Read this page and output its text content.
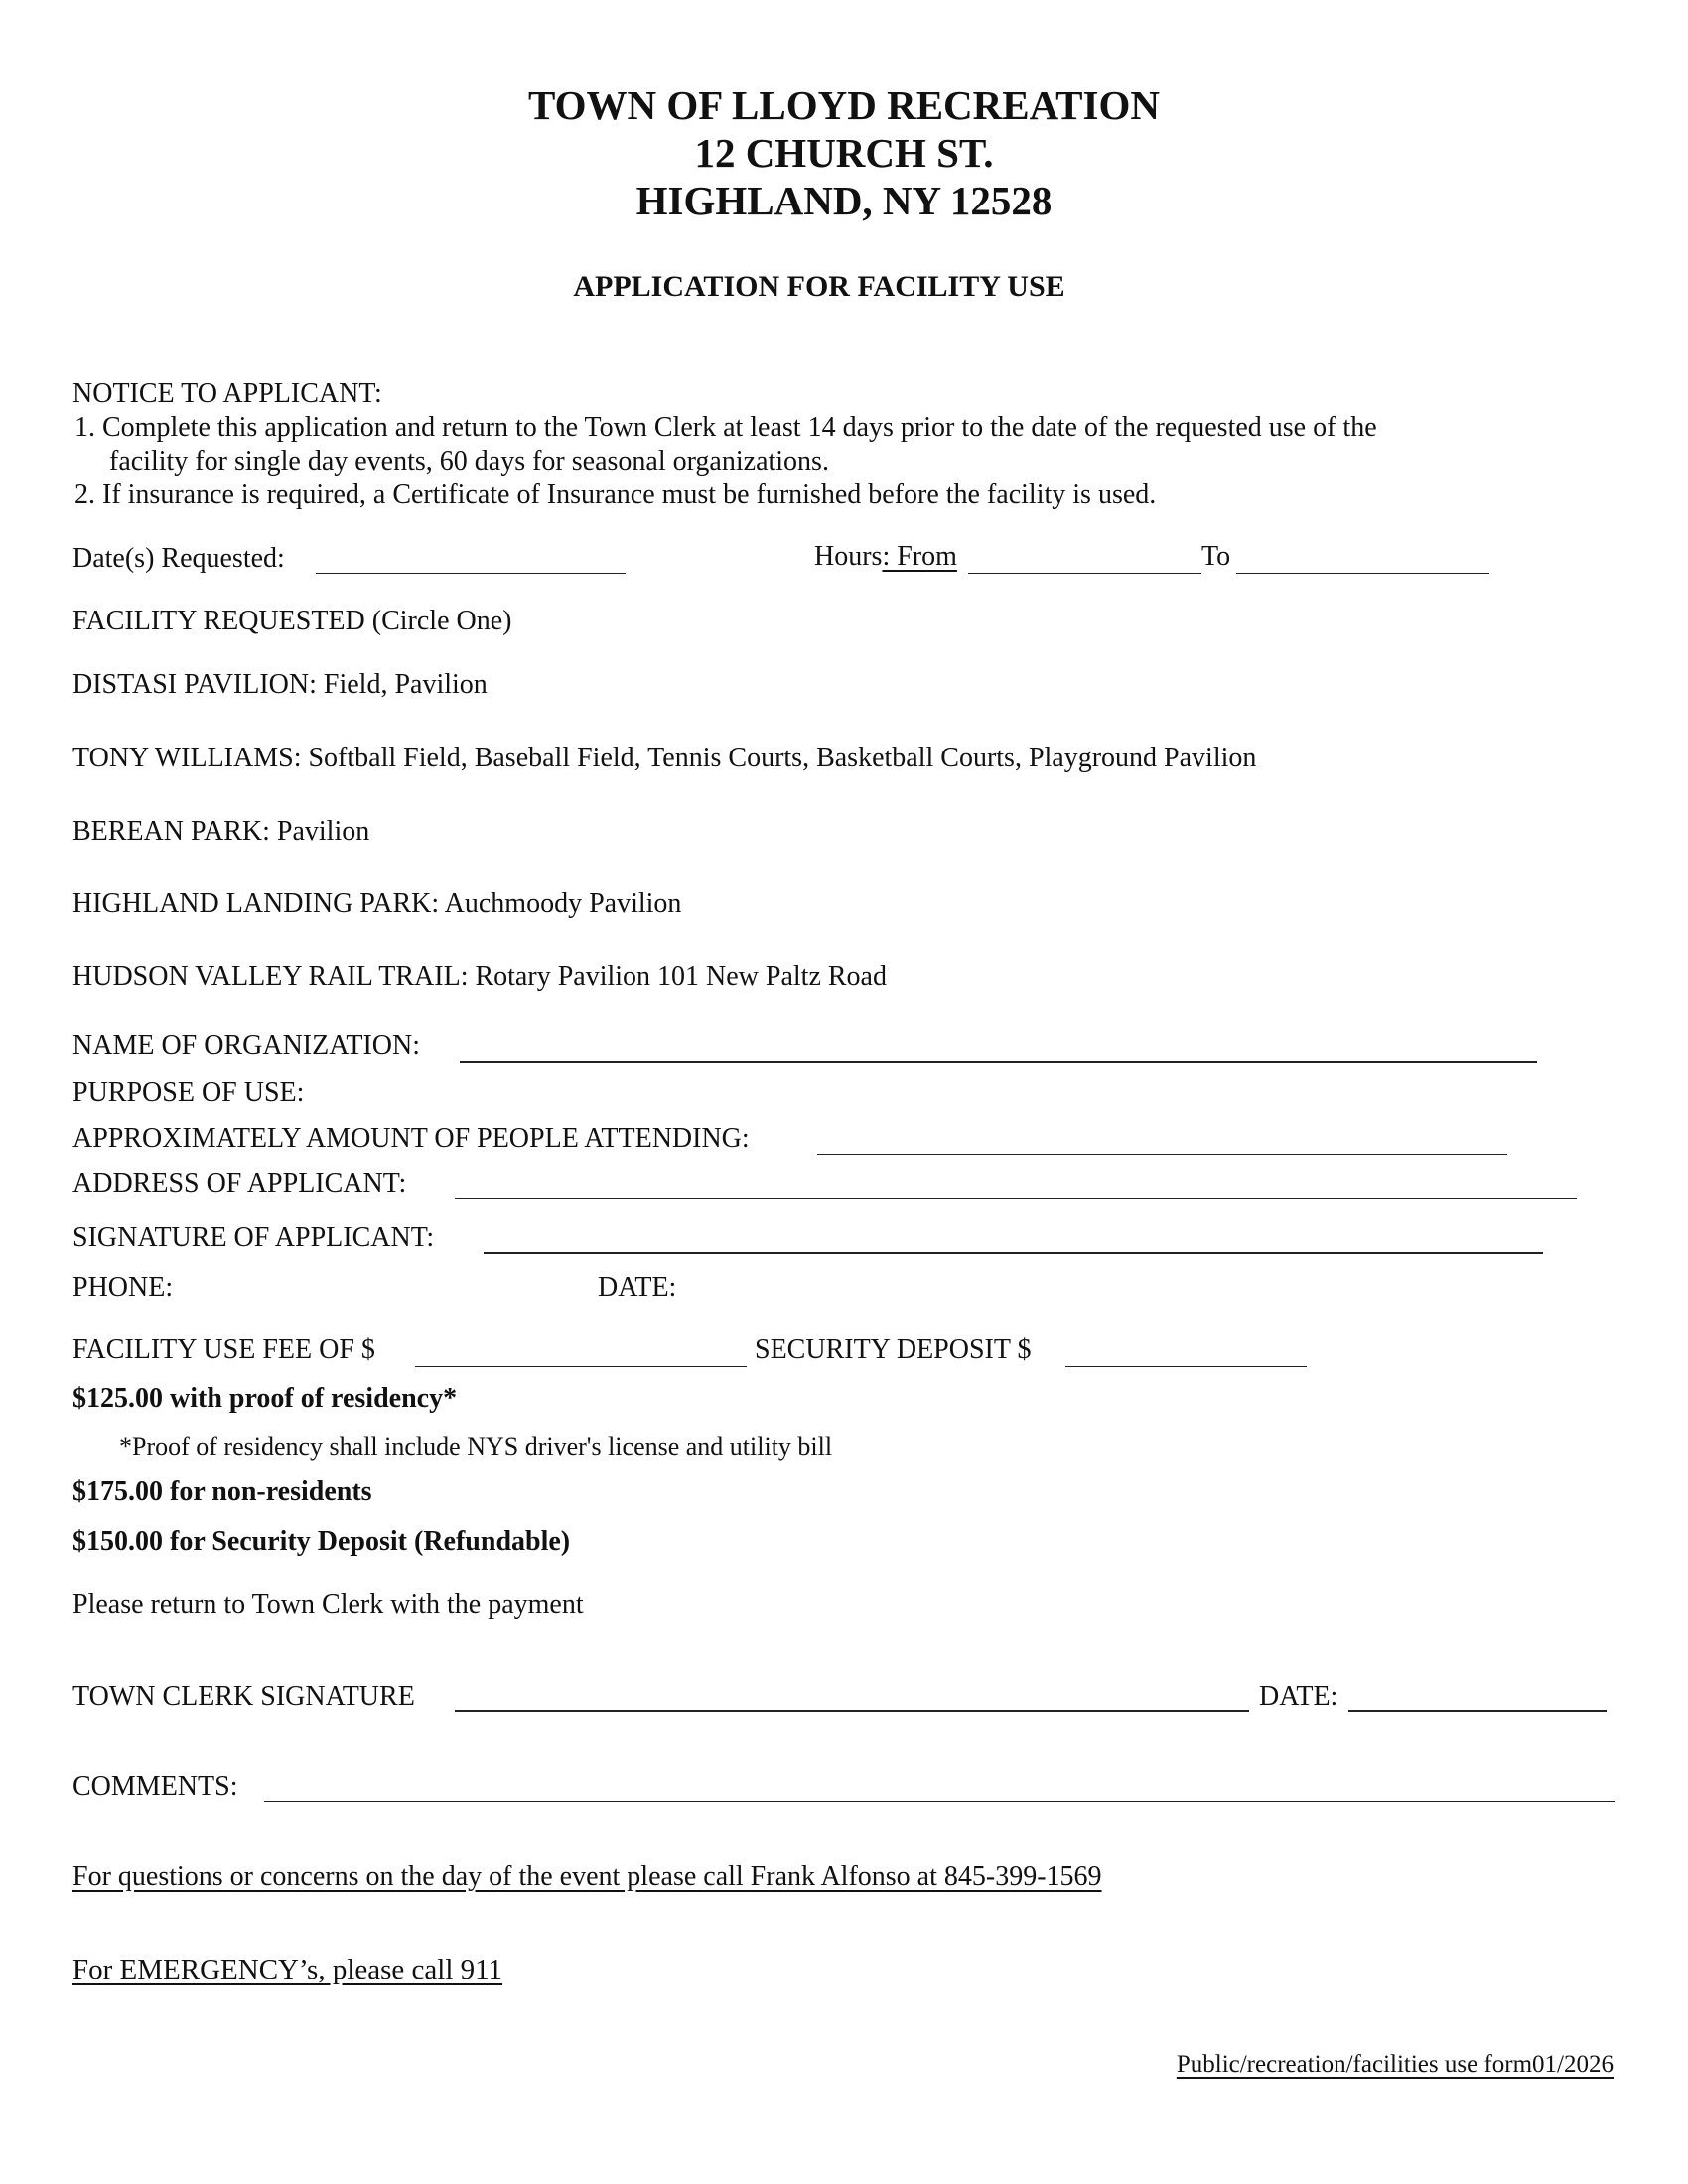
TOWN OF LLOYD RECREATION
12 CHURCH ST.
HIGHLAND, NY 12528
APPLICATION FOR FACILITY USE
NOTICE TO APPLICANT:
1. Complete this application and return to the Town Clerk at least 14 days prior to the date of the requested use of the
facility for single day events, 60 days for seasonal organizations.
2. If insurance is required, a Certificate of Insurance must be furnished before the facility is used.
Date(s) Requested:	Hours: From	To
FACILITY REQUESTED (Circle One)
DISTASI PAVILION: Field, Pavilion
TONY WILLIAMS: Softball Field, Baseball Field, Tennis Courts, Basketball Courts, Playground Pavilion
BEREAN PARK: Pavilion
HIGHLAND LANDING PARK: Auchmoody Pavilion
HUDSON VALLEY RAIL TRAIL: Rotary Pavilion 101 New Paltz Road
NAME OF ORGANIZATION:
PURPOSE OF USE:
APPROXIMATELY AMOUNT OF PEOPLE ATTENDING:
ADDRESS OF APPLICANT:
SIGNATURE OF APPLICANT:
PHONE:	DATE:
FACILITY USE FEE OF $	SECURITY DEPOSIT $
$125.00 with proof of residency*
*Proof of residency shall include NYS driver's license and utility bill
$175.00 for non-residents
$150.00 for Security Deposit (Refundable)
Please return to Town Clerk with the payment
TOWN CLERK SIGNATURE	DATE:
COMMENTS:
For questions or concerns on the day of the event please call Frank Alfonso at 845-399-1569
For EMERGENCY’s, please call 911
Public/recreation/facilities use form01/2026
